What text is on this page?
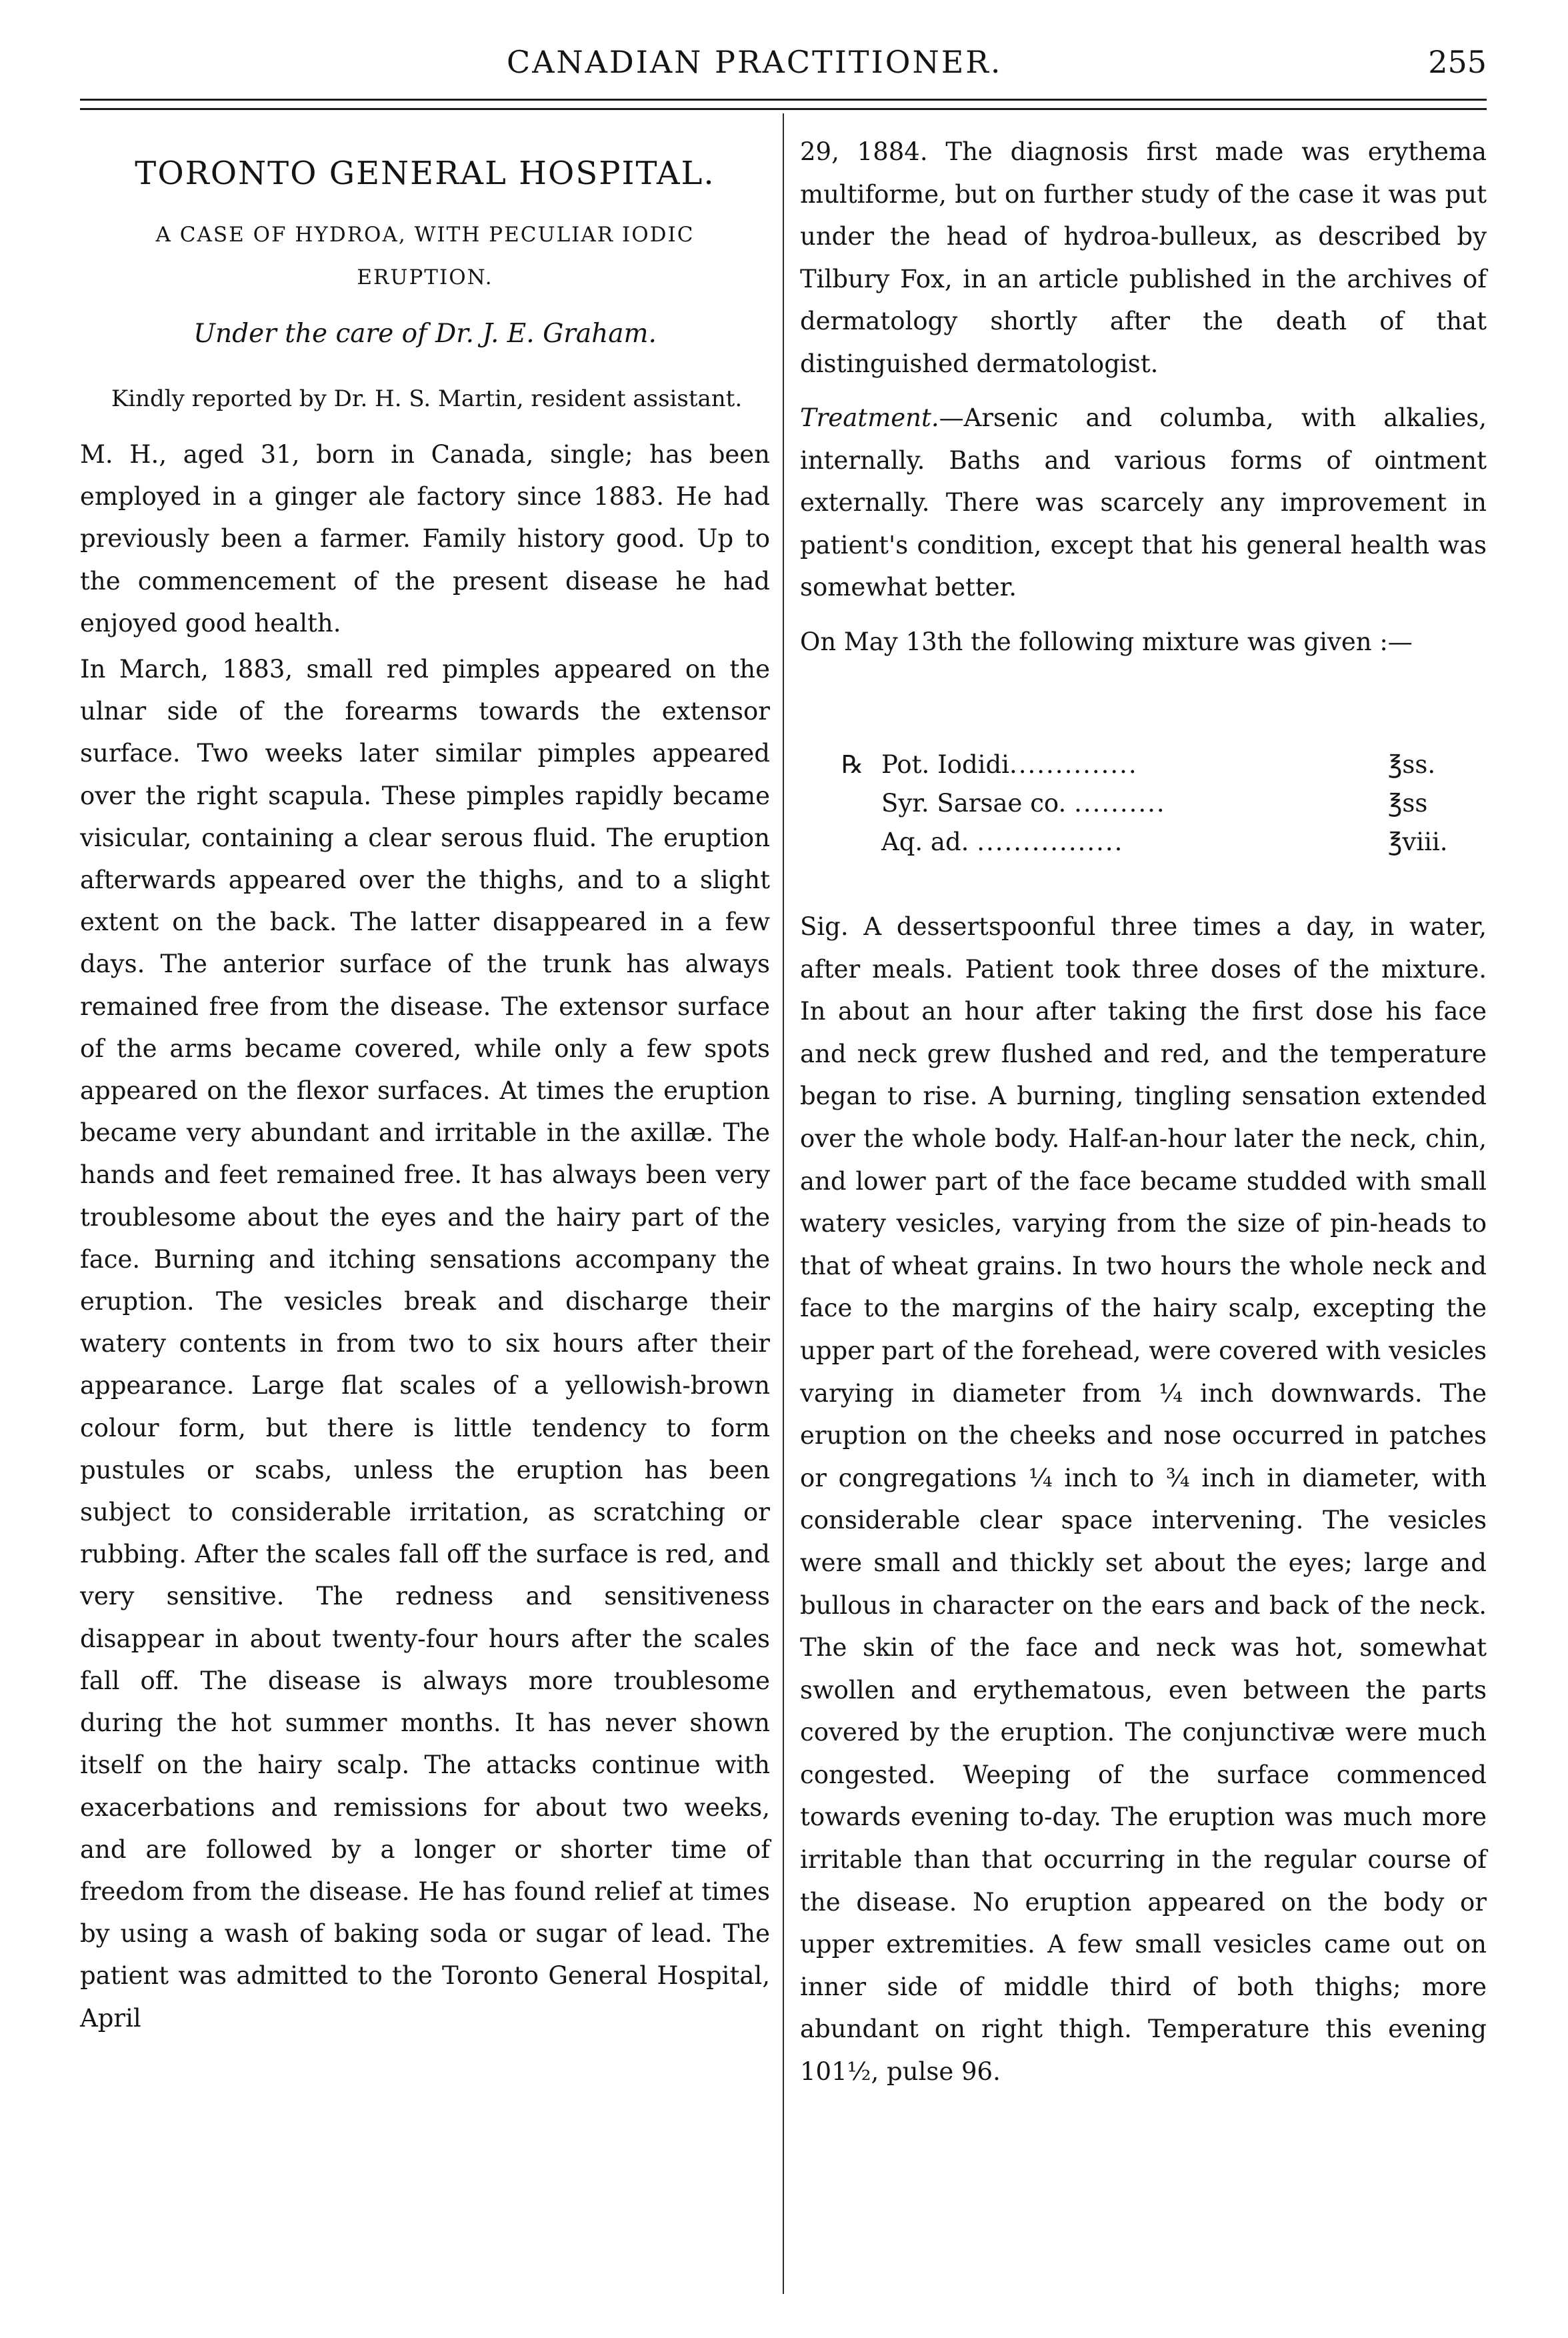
CANADIAN PRACTITIONER.	255
TORONTO GENERAL HOSPITAL.
A CASE OF HYDROA, WITH PECULIAR IODIC ERUPTION.
Under the care of Dr. J. E. Graham.
Kindly reported by Dr. H. S. Martin, resident assistant.

M. H., aged 31, born in Canada, single; has been employed in a ginger ale factory since 1883. He had previously been a farmer. Family history good. Up to the commencement of the present disease he had enjoyed good health.

In March, 1883, small red pimples appeared on the ulnar side of the forearms towards the extensor surface. Two weeks later similar pimples appeared over the right scapula. These pimples rapidly became visicular, containing a clear serous fluid. The eruption afterwards appeared over the thighs, and to a slight extent on the back. The latter disappeared in a few days. The anterior surface of the trunk has always remained free from the disease. The extensor surface of the arms became covered, while only a few spots appeared on the flexor surfaces. At times the eruption became very abundant and irritable in the axillæ. The hands and feet remained free. It has always been very troublesome about the eyes and the hairy part of the face. Burning and itching sensations accompany the eruption. The vesicles break and discharge their watery contents in from two to six hours after their appearance. Large flat scales of a yellowish-brown colour form, but there is little tendency to form pustules or scabs, unless the eruption has been subject to considerable irritation, as scratching or rubbing. After the scales fall off the surface is red, and very sensitive. The redness and sensitiveness disappear in about twenty-four hours after the scales fall off. The disease is always more troublesome during the hot summer months. It has never shown itself on the hairy scalp. The attacks continue with exacerbations and remissions for about two weeks, and are followed by a longer or shorter time of freedom from the disease. He has found relief at times by using a wash of baking soda or sugar of lead. The patient was admitted to the Toronto General Hospital, April

29, 1884. The diagnosis first made was erythema multiforme, but on further study of the case it was put under the head of hydroa-bulleux, as described by Tilbury Fox, in an article published in the archives of dermatology shortly after the death of that distinguished dermatologist.

Treatment.—Arsenic and columba, with alkalies, internally. Baths and various forms of ointment externally. There was scarcely any improvement in patient's condition, except that his general health was somewhat better.

On May 13th the following mixture was given :—

℞ Pot. Iodidi..............	℥ss.
Syr. Sarsae co. ..........	℥ss
Aq. ad. ................	℥viii.

Sig. A dessertspoonful three times a day, in water, after meals. Patient took three doses of the mixture. In about an hour after taking the first dose his face and neck grew flushed and red, and the temperature began to rise. A burning, tingling sensation extended over the whole body. Half-an-hour later the neck, chin, and lower part of the face became studded with small watery vesicles, varying from the size of pin-heads to that of wheat grains. In two hours the whole neck and face to the margins of the hairy scalp, excepting the upper part of the forehead, were covered with vesicles varying in diameter from ¼ inch downwards. The eruption on the cheeks and nose occurred in patches or congregations ¼ inch to ¾ inch in diameter, with considerable clear space intervening. The vesicles were small and thickly set about the eyes; large and bullous in character on the ears and back of the neck. The skin of the face and neck was hot, somewhat swollen and erythematous, even between the parts covered by the eruption. The conjunctivæ were much congested. Weeping of the surface commenced towards evening to-day. The eruption was much more irritable than that occurring in the regular course of the disease. No eruption appeared on the body or upper extremities. A few small vesicles came out on inner side of middle third of both thighs; more abundant on right thigh. Temperature this evening 101½, pulse 96.
